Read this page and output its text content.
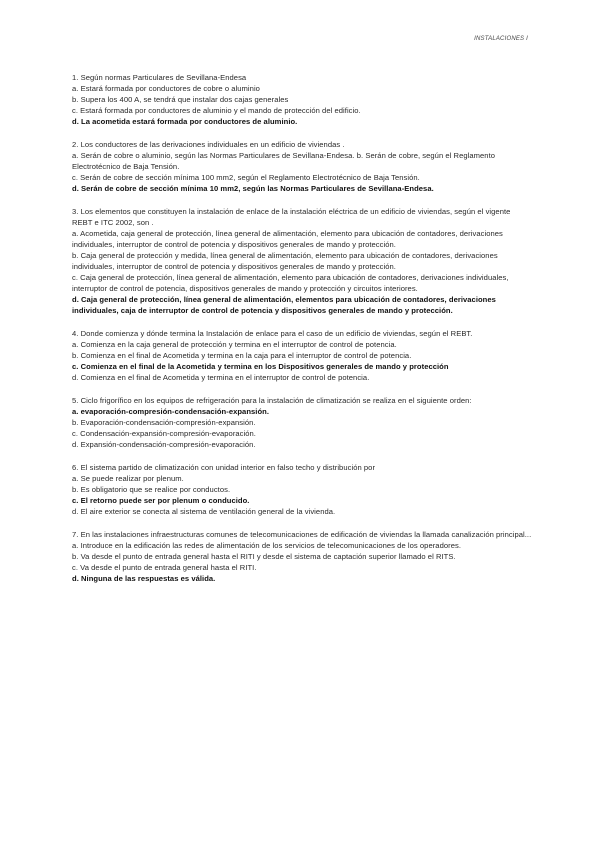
INSTALACIONES I
1. Según normas Particulares de Sevillana-Endesa
a. Estará formada por conductores de cobre o aluminio
b. Supera los 400 A, se tendrá que instalar dos cajas generales
c. Estará formada por conductores de aluminio y el mando de protección del edificio.
d. La acometida estará formada por conductores de aluminio.
2. Los conductores de las derivaciones individuales en un edificio de viviendas .
a. Serán de cobre o aluminio, según las Normas Particulares de Sevillana-Endesa. b. Serán de cobre, según el Reglamento Electrotécnico de Baja Tensión.
c. Serán de cobre de sección mínima 100 mm2, según el Reglamento Electrotécnico de Baja Tensión.
d. Serán de cobre de sección mínima 10 mm2, según las Normas Particulares de Sevillana-Endesa.
3. Los elementos que constituyen la instalación de enlace de la instalación eléctrica de un edificio de viviendas, según el vigente REBT e ITC 2002, son .
a. Acometida, caja general de protección, línea general de alimentación, elemento para ubicación de contadores, derivaciones individuales, interruptor de control de potencia y dispositivos generales de mando y protección.
b. Caja general de protección y medida, línea general de alimentación, elemento para ubicación de contadores, derivaciones individuales, interruptor de control de potencia y dispositivos generales de mando y protección.
c. Caja general de protección, línea general de alimentación, elemento para ubicación de contadores, derivaciones individuales, interruptor de control de potencia, dispositivos generales de mando y protección y circuitos interiores.
d. Caja general de protección, línea general de alimentación, elementos para ubicación de contadores, derivaciones individuales, caja de interruptor de control de potencia y dispositivos generales de mando y protección.
4. Donde comienza y dónde termina la Instalación de enlace para el caso de un edificio de viviendas, según el REBT.
a. Comienza en la caja general de protección y termina en el interruptor de control de potencia.
b. Comienza en el final de Acometida y termina en la caja para el interruptor de control de potencia.
c. Comienza en el final de la Acometida y termina en los Dispositivos generales de mando y protección
d. Comienza en el final de Acometida y termina en el interruptor de control de potencia.
5. Ciclo frigorífico en los equipos de refrigeración para la instalación de climatización se realiza en el siguiente orden:
a. evaporación-compresión-condensación-expansión.
b. Evaporación-condensación-compresión-expansión.
c. Condensación-expansión-compresión-evaporación.
d. Expansión-condensación-compresión-evaporación.
6. El sistema partido de climatización con unidad interior en falso techo y distribución por
a. Se puede realizar por plenum.
b. Es obligatorio que se realice por conductos.
c. El retorno puede ser por plenum o conducido.
d. El aire exterior se conecta al sistema de ventilación general de la vivienda.
7. En las instalaciones infraestructuras comunes de telecomunicaciones de edificación de viviendas la llamada canalización principal...
a. Introduce en la edificación las redes de alimentación de los servicios de telecomunicaciones de los operadores.
b. Va desde el punto de entrada general hasta el RITI y desde el sistema de captación superior llamado el RITS.
c. Va desde el punto de entrada general hasta el RITI.
d. Ninguna de las respuestas es válida.
